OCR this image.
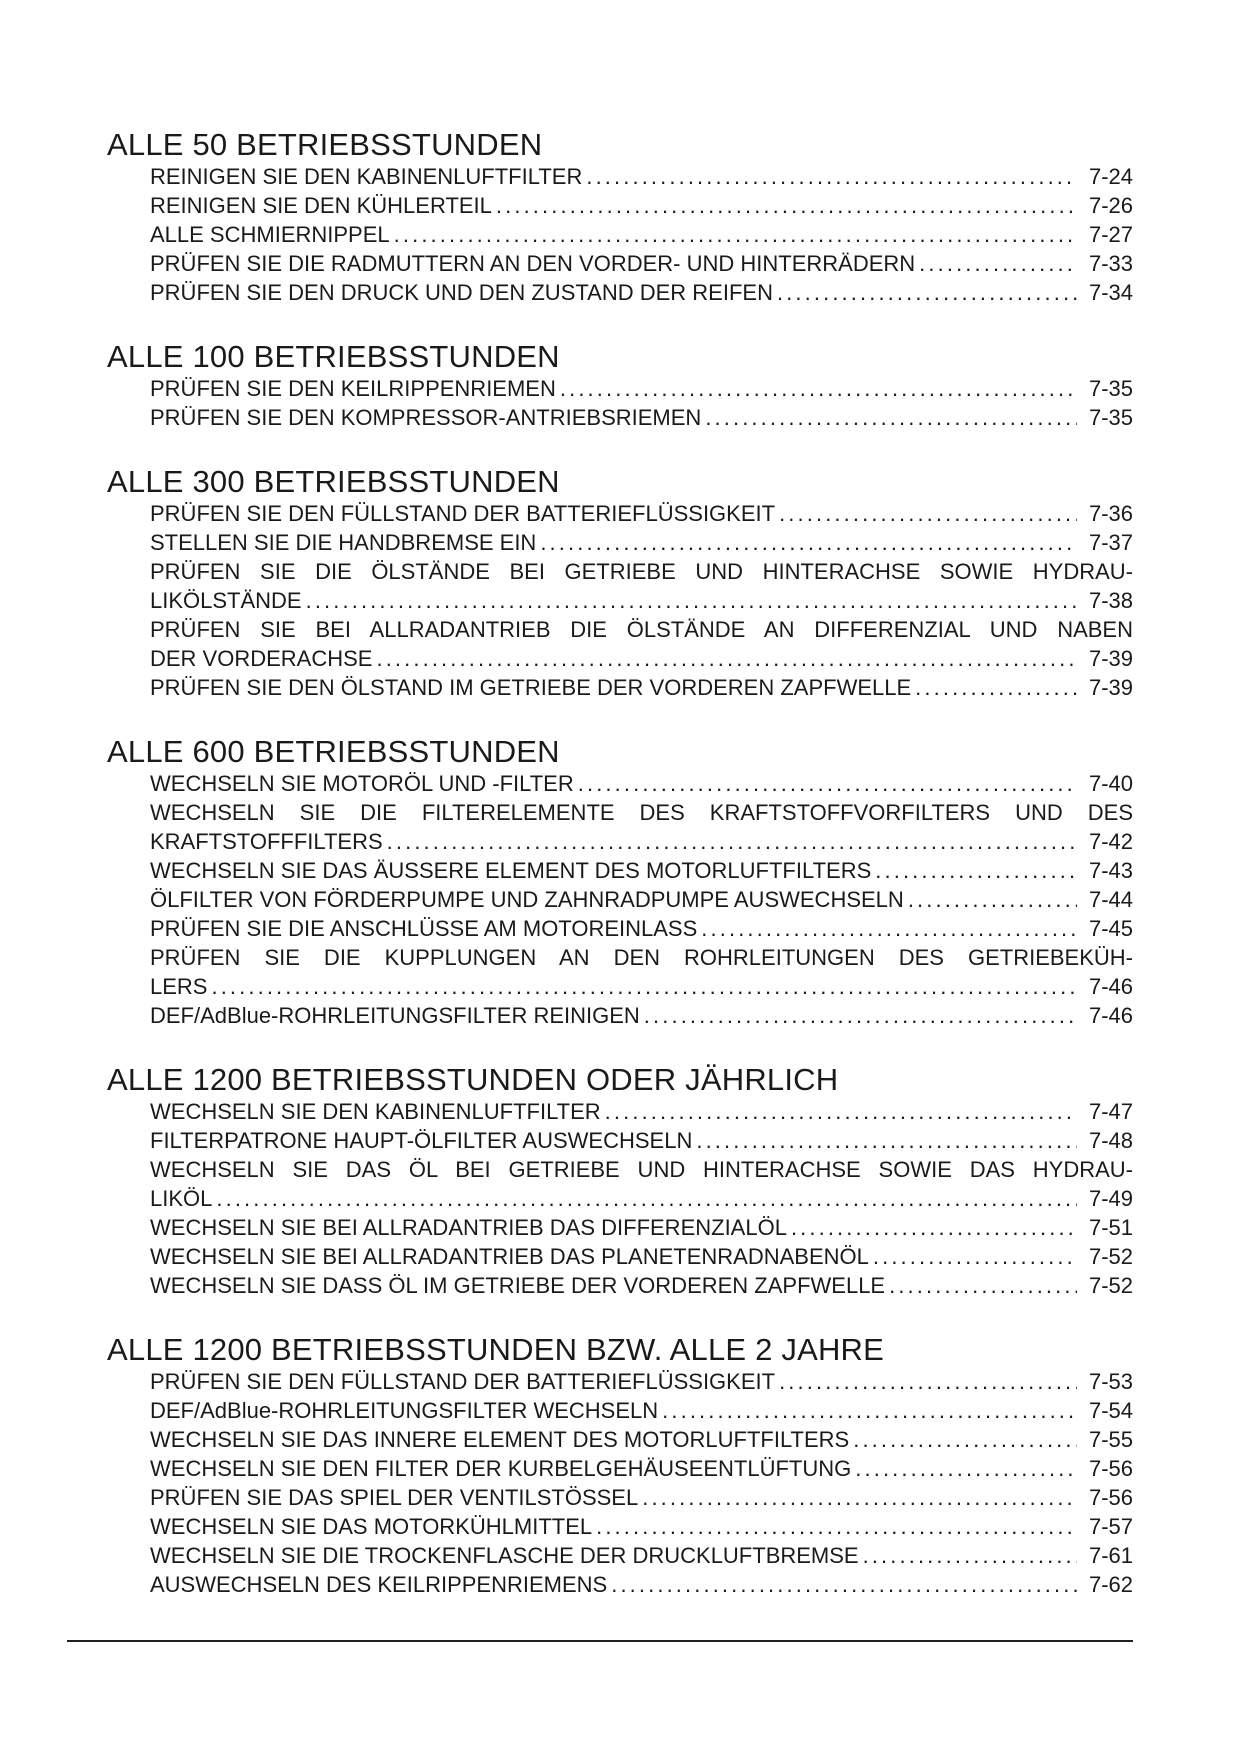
ALLE 50 BETRIEBSSTUNDEN
REINIGEN SIE DEN KABINENLUFTFILTER . . .	7-24
REINIGEN SIE DEN KÜHLERTEIL . . .	7-26
ALLE SCHMIERNIPPEL . . .	7-27
PRÜFEN SIE DIE RADMUTTERN AN DEN VORDER- UND HINTERRÄDERN . . .	7-33
PRÜFEN SIE DEN DRUCK UND DEN ZUSTAND DER REIFEN . . .	7-34
ALLE 100 BETRIEBSSTUNDEN
PRÜFEN SIE DEN KEILRIPPENRIEMEN . . .	7-35
PRÜFEN SIE DEN KOMPRESSOR-ANTRIEBSRIEMEN . . .	7-35
ALLE 300 BETRIEBSSTUNDEN
PRÜFEN SIE DEN FÜLLSTAND DER BATTERIEFLÜSSIGKEIT . . .	7-36
STELLEN SIE DIE HANDBREMSE EIN . . .	7-37
PRÜFEN SIE DIE ÖLSTÄNDE BEI GETRIEBE UND HINTERACHSE SOWIE HYDRAU-
LIKÖLSTÄNDE . . .	7-38
PRÜFEN SIE BEI ALLRADANTRIEB DIE ÖLSTÄNDE AN DIFFERENZIAL UND NABEN
DER VORDERACHSE . . .	7-39
PRÜFEN SIE DEN ÖLSTAND IM GETRIEBE DER VORDEREN ZAPFWELLE . . .	7-39
ALLE 600 BETRIEBSSTUNDEN
WECHSELN SIE MOTORÖL UND -FILTER . . .	7-40
WECHSELN SIE DIE FILTERELEMENTE DES KRAFTSTOFFVORFILTERS UND DES
KRAFTSTOFFFILTERS . . .	7-42
WECHSELN SIE DAS ÄUSSERE ELEMENT DES MOTORLUFTFILTERS . . .	7-43
ÖLFILTER VON FÖRDERPUMPE UND ZAHNRADPUMPE AUSWECHSELN . . .	7-44
PRÜFEN SIE DIE ANSCHLÜSSE AM MOTOREINLASS . . .	7-45
PRÜFEN SIE DIE KUPPLUNGEN AN DEN ROHRLEITUNGEN DES GETRIEBEKÜH-
LERS . . .	7-46
DEF/AdBlue-ROHRLEITUNGSFILTER REINIGEN . . .	7-46
ALLE 1200 BETRIEBSSTUNDEN ODER JÄHRLICH
WECHSELN SIE DEN KABINENLUFTFILTER . . .	7-47
FILTERPATRONE HAUPT-ÖLFILTER AUSWECHSELN . . .	7-48
WECHSELN SIE DAS ÖL BEI GETRIEBE UND HINTERACHSE SOWIE DAS HYDRAU-
LIKÖL . . .	7-49
WECHSELN SIE BEI ALLRADANTRIEB DAS DIFFERENZIALÖL . . .	7-51
WECHSELN SIE BEI ALLRADANTRIEB DAS PLANETENRADNABENÖL . . .	7-52
WECHSELN SIE DASS ÖL IM GETRIEBE DER VORDEREN ZAPFWELLE . . .	7-52
ALLE 1200 BETRIEBSSTUNDEN BZW. ALLE 2 JAHRE
PRÜFEN SIE DEN FÜLLSTAND DER BATTERIEFLÜSSIGKEIT . . .	7-53
DEF/AdBlue-ROHRLEITUNGSFILTER WECHSELN . . .	7-54
WECHSELN SIE DAS INNERE ELEMENT DES MOTORLUFTFILTERS . . .	7-55
WECHSELN SIE DEN FILTER DER KURBELGEHÄUSEENTLÜFTUNG . . .	7-56
PRÜFEN SIE DAS SPIEL DER VENTILSTÖSSEL . . .	7-56
WECHSELN SIE DAS MOTORKÜHLMITTEL . . .	7-57
WECHSELN SIE DIE TROCKENFLASCHE DER DRUCKLUFTBREMSE . . .	7-61
AUSWECHSELN DES KEILRIPPENRIEMENS . . .	7-62
